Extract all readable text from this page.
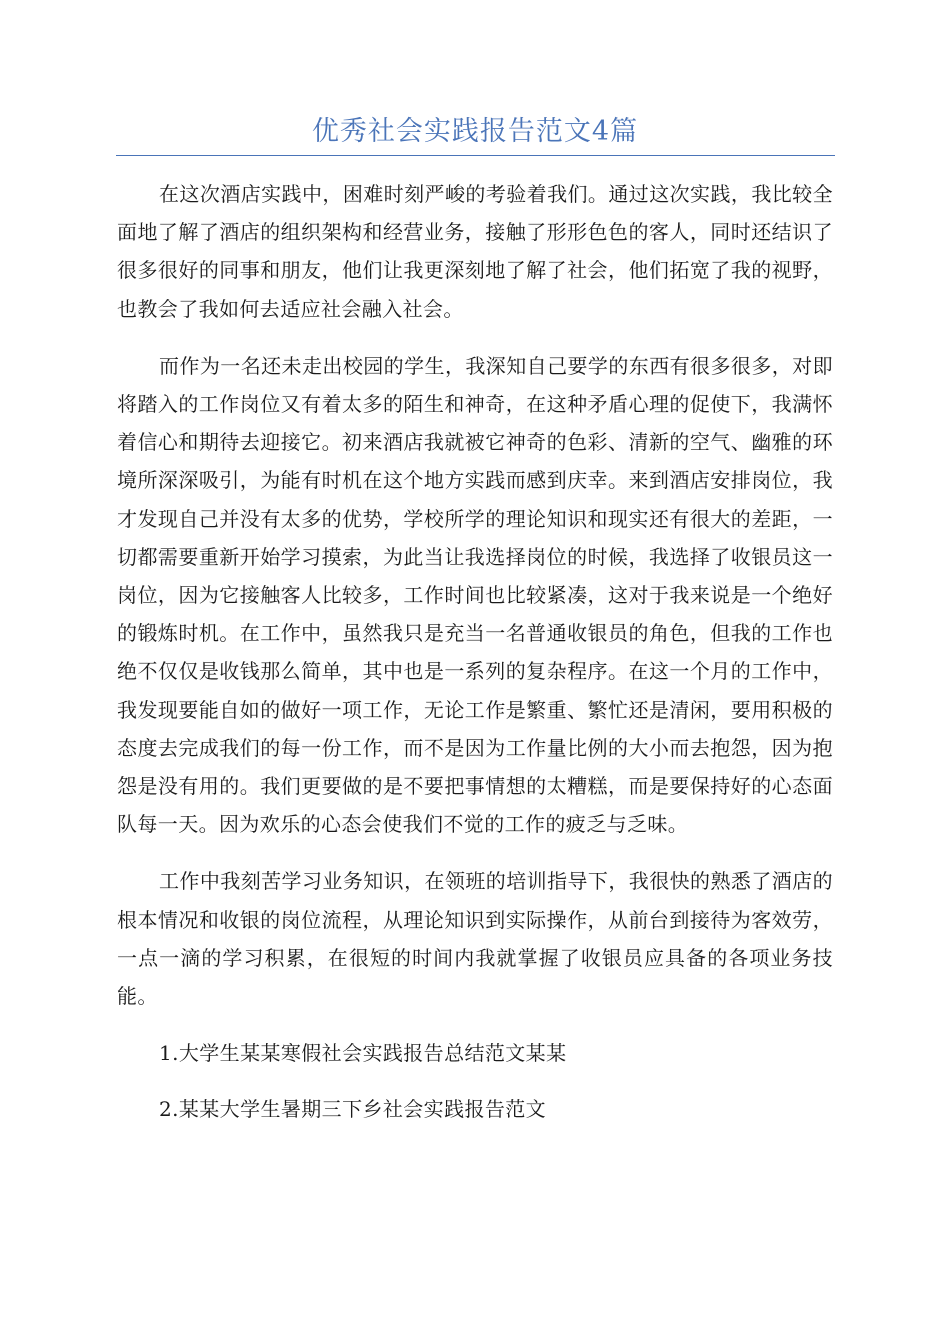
优秀社会实践报告范文4篇

在这次酒店实践中，困难时刻严峻的考验着我们。通过这次实践，我比较全面地了解了酒店的组织架构和经营业务，接触了形形色色的客人，同时还结识了很多很好的同事和朋友，他们让我更深刻地了解了社会，他们拓宽了我的视野，也教会了我如何去适应社会融入社会。

而作为一名还未走出校园的学生，我深知自己要学的东西有很多很多，对即将踏入的工作岗位又有着太多的陌生和神奇，在这种矛盾心理的促使下，我满怀着信心和期待去迎接它。初来酒店我就被它神奇的色彩、清新的空气、幽雅的环境所深深吸引，为能有时机在这个地方实践而感到庆幸。来到酒店安排岗位，我才发现自己并没有太多的优势，学校所学的理论知识和现实还有很大的差距，一切都需要重新开始学习摸索，为此当让我选择岗位的时候，我选择了收银员这一岗位，因为它接触客人比较多，工作时间也比较紧凑，这对于我来说是一个绝好的锻炼时机。在工作中，虽然我只是充当一名普通收银员的角色，但我的工作也绝不仅仅是收钱那么简单，其中也是一系列的复杂程序。在这一个月的工作中，我发现要能自如的做好一项工作，无论工作是繁重、繁忙还是清闲，要用积极的态度去完成我们的每一份工作，而不是因为工作量比例的大小而去抱怨，因为抱怨是没有用的。我们更要做的是不要把事情想的太糟糕，而是要保持好的心态面队每一天。因为欢乐的心态会使我们不觉的工作的疲乏与乏味。

工作中我刻苦学习业务知识，在领班的培训指导下，我很快的熟悉了酒店的根本情况和收银的岗位流程，从理论知识到实际操作，从前台到接待为客效劳，一点一滴的学习积累，在很短的时间内我就掌握了收银员应具备的各项业务技能。

1.大学生某某寒假社会实践报告总结范文某某
2.某某大学生暑期三下乡社会实践报告范文
